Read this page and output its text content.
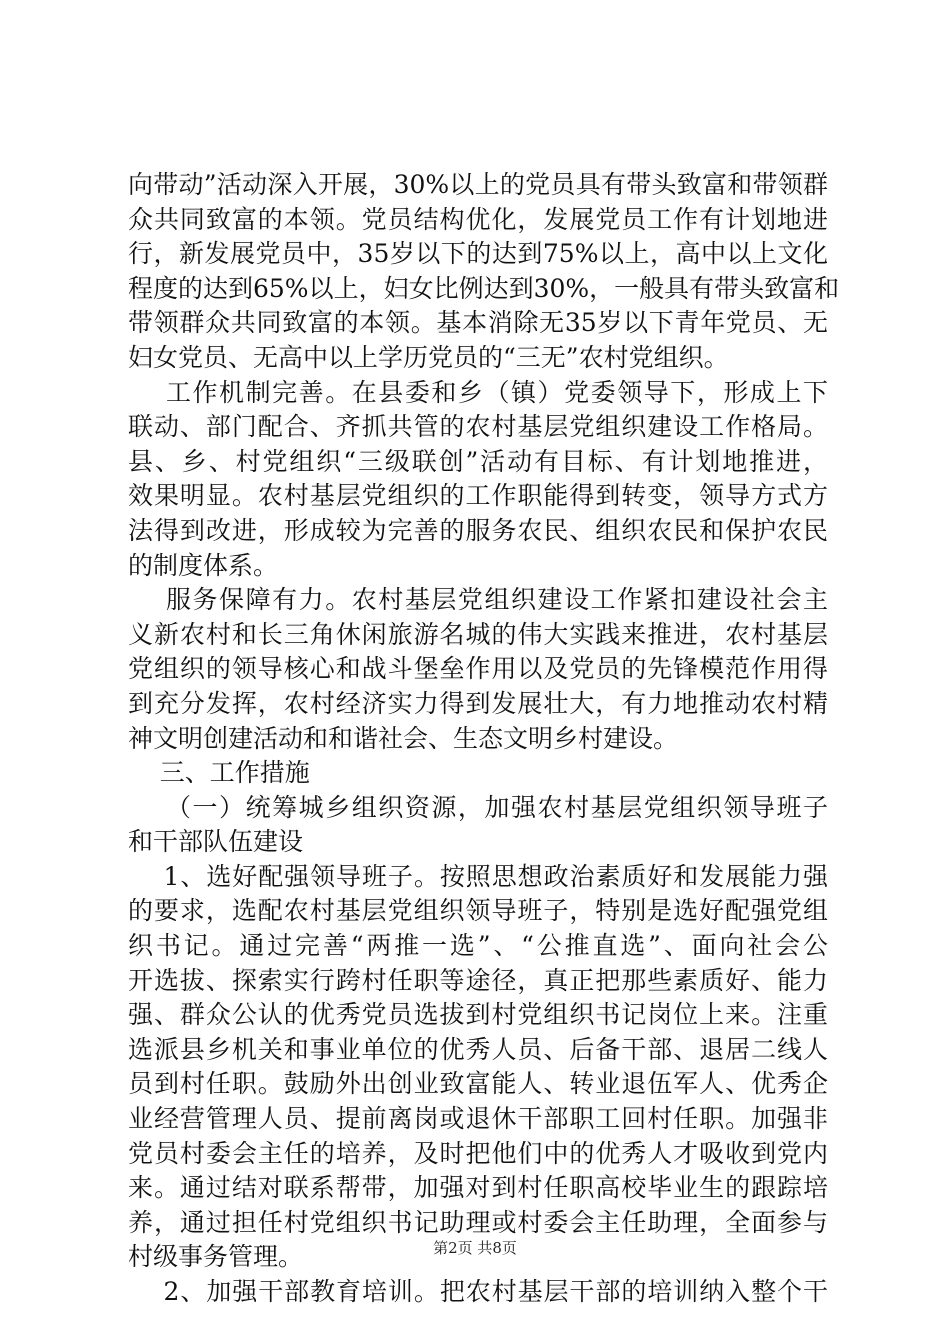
向带动”活动深入开展，30%以上的党员具有带头致富和带领群
众共同致富的本领。党员结构优化，发展党员工作有计划地进
行，新发展党员中，35岁以下的达到75%以上，高中以上文化
程度的达到65%以上，妇女比例达到30%，一般具有带头致富和
带领群众共同致富的本领。基本消除无35岁以下青年党员、无
妇女党员、无高中以上学历党员的“三无”农村党组织。
工作机制完善。在县委和乡（镇）党委领导下，形成上下
联动、部门配合、齐抓共管的农村基层党组织建设工作格局。
县、乡、村党组织“三级联创”活动有目标、有计划地推进，
效果明显。农村基层党组织的工作职能得到转变，领导方式方
法得到改进，形成较为完善的服务农民、组织农民和保护农民
的制度体系。
服务保障有力。农村基层党组织建设工作紧扣建设社会主
义新农村和长三角休闲旅游名城的伟大实践来推进，农村基层
党组织的领导核心和战斗堡垒作用以及党员的先锋模范作用得
到充分发挥，农村经济实力得到发展壮大，有力地推动农村精
神文明创建活动和和谐社会、生态文明乡村建设。
三、工作措施
（一）统筹城乡组织资源，加强农村基层党组织领导班子
和干部队伍建设
1、选好配强领导班子。按照思想政治素质好和发展能力强
的要求，选配农村基层党组织领导班子，特别是选好配强党组
织书记。通过完善“两推一选”、“公推直选”、面向社会公
开选拔、探索实行跨村任职等途径，真正把那些素质好、能力
强、群众公认的优秀党员选拔到村党组织书记岗位上来。注重
选派县乡机关和事业单位的优秀人员、后备干部、退居二线人
员到村任职。鼓励外出创业致富能人、转业退伍军人、优秀企
业经营管理人员、提前离岗或退休干部职工回村任职。加强非
党员村委会主任的培养，及时把他们中的优秀人才吸收到党内
来。通过结对联系帮带，加强对到村任职高校毕业生的跟踪培
养，通过担任村党组织书记助理或村委会主任助理，全面参与
村级事务管理。
2、加强干部教育培训。把农村基层干部的培训纳入整个干
第2页 共8页
